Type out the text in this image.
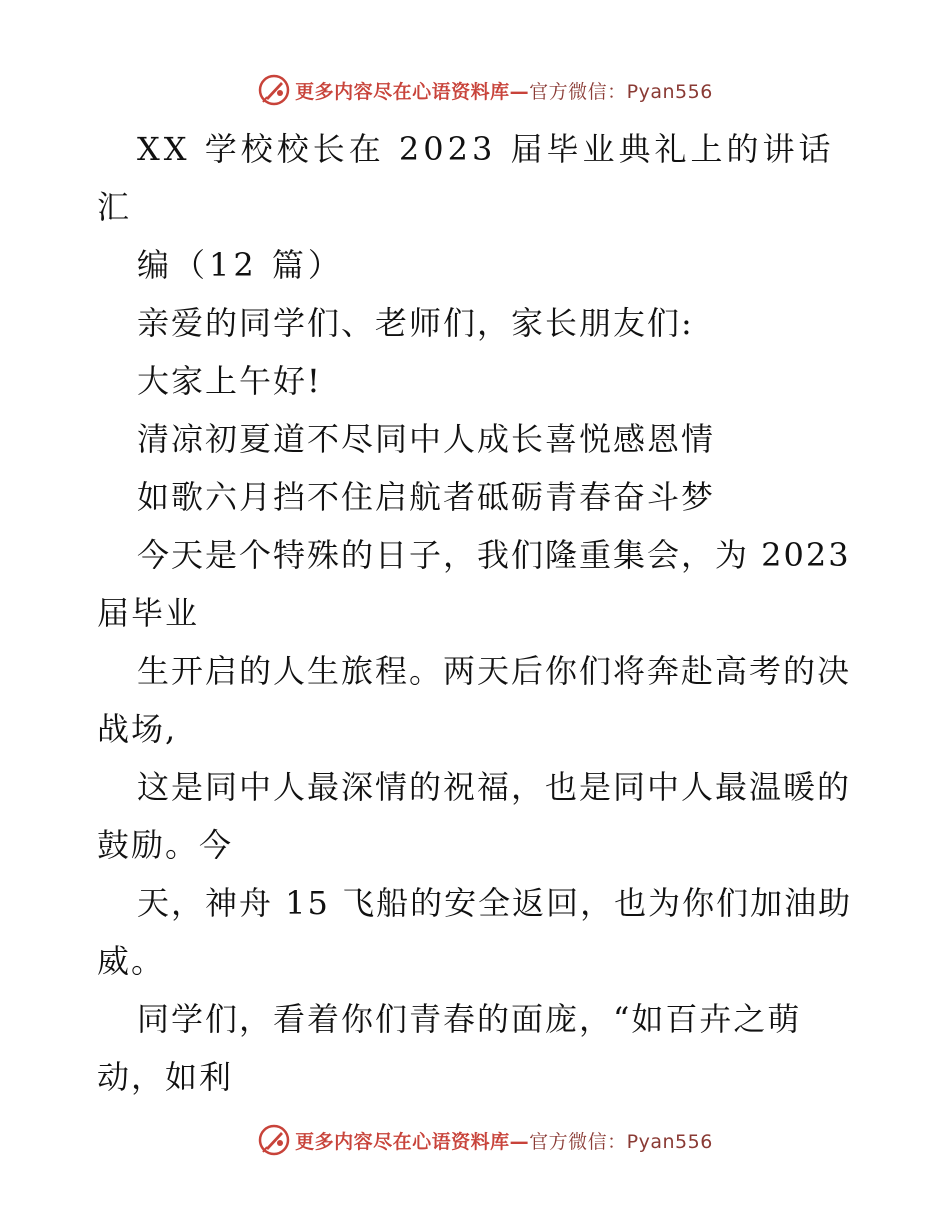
更多内容尽在心语资料库—官方微信：Pyan556

XX 学校校长在 2023 届毕业典礼上的讲话汇

编（12 篇）

亲爱的同学们、老师们，家长朋友们:

大家上午好!

清凉初夏道不尽同中人成长喜悦感恩情

如歌六月挡不住启航者砥砺青春奋斗梦

今天是个特殊的日子，我们隆重集会，为 2023 届毕业

生开启的人生旅程。两天后你们将奔赴高考的决战场,

这是同中人最深情的祝福，也是同中人最温暖的鼓励。今

天，神舟 15 飞船的安全返回，也为你们加油助威。

同学们，看着你们青春的面庞，“如百卉之萌动，如利

更多内容尽在心语资料库—官方微信：Pyan556
